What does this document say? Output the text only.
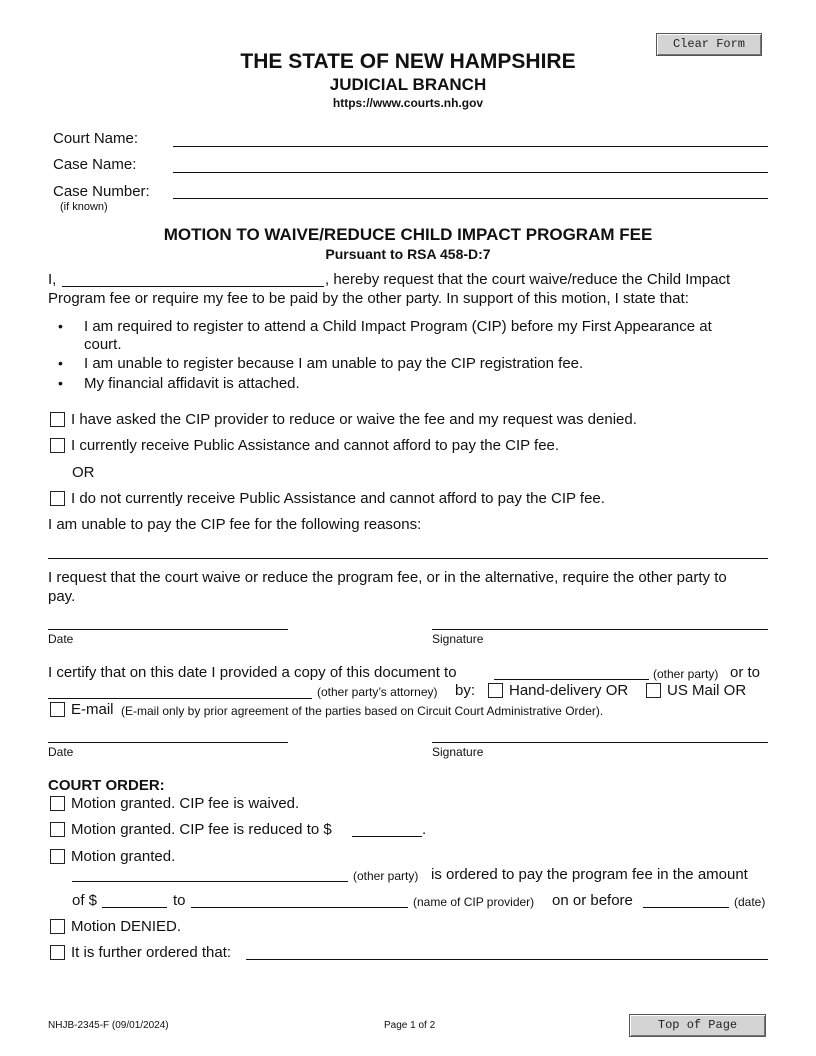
Clear Form
Top of Page
THE STATE OF NEW HAMPSHIRE
JUDICIAL BRANCH
https://www.courts.nh.gov
Court Name:
Case Name:
Case Number:
(if known)
MOTION TO WAIVE/REDUCE CHILD IMPACT PROGRAM FEE
Pursuant to RSA 458-D:7
I,	, hereby request that the court waive/reduce the Child Impact
Program fee or require my fee to be paid by the other party. In support of this motion, I state that:
• I am required to register to attend a Child Impact Program (CIP) before my First Appearance at
court.
• I am unable to register because I am unable to pay the CIP registration fee.
• My financial affidavit is attached.
I have asked the CIP provider to reduce or waive the fee and my request was denied.
I currently receive Public Assistance and cannot afford to pay the CIP fee.
OR
I do not currently receive Public Assistance and cannot afford to pay the CIP fee.
I am unable to pay the CIP fee for the following reasons:
I request that the court waive or reduce the program fee, or in the alternative, require the other party to
pay.
Date	Signature
I certify that on this date I provided a copy of this document to	(other party) or to
(other party’s attorney) by: Hand-delivery OR	US Mail OR
E-mail (E-mail only by prior agreement of the parties based on Circuit Court Administrative Order).
Date	Signature
COURT ORDER:
Motion granted. CIP fee is waived.
Motion granted. CIP fee is reduced to $	.
Motion granted.
(other party) is ordered to pay the program fee in the amount
of $	to	(name of CIP provider) on or before	(date)
Motion DENIED.
It is further ordered that:
NHJB-2345-F (09/01/2024)	Page 1 of 2
